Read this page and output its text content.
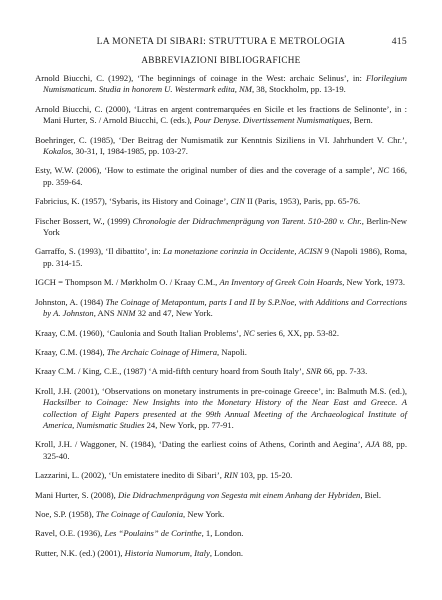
LA MONETA DI SIBARI: STRUTTURA E METROLOGIA	415
ABBREVIAZIONI BIBLIOGRAFICHE

Arnold Biucchi, C. (1992), ‘The beginnings of coinage in the West: archaic Selinus’, in: Florilegium Numismaticum. Studia in honorem U. Westermark edita, NM, 38, Stockholm, pp. 13-19.

Arnold Biucchi, C. (2000), ‘Litras en argent contremarquées en Sicile et les fractions de Selinonte’, in : Mani Hurter, S. / Arnold Biucchi, C. (eds.), Pour Denyse. Divertissement Numismatiques, Bern.

Boehringer, C. (1985), ‘Der Beitrag der Numismatik zur Kenntnis Siziliens in VI. Jahrhundert V. Chr.’, Kokalos, 30-31, I, 1984-1985, pp. 103-27.

Esty, W.W. (2006), ‘How to estimate the original number of dies and the coverage of a sample’, NC 166, pp. 359-64.

Fabricius, K. (1957), ‘Sybaris, its History and Coinage’, CIN II (Paris, 1953), Paris, pp. 65-76.

Fischer Bossert, W., (1999) Chronologie der Didrachmenprägung von Tarent. 510-280 v. Chr., Berlin-New York

Garraffo, S. (1993), ‘Il dibattito’, in: La monetazione corinzia in Occidente, ACISN 9 (Napoli 1986), Roma, pp. 314-15.

IGCH = Thompson M. / Mørkholm O. / Kraay C.M., An Inventory of Greek Coin Hoards, New York, 1973.

Johnston, A. (1984) The Coinage of Metapontum, parts I and II by S.P.Noe, with Additions and Corrections by A. Johnston, ANS NNM 32 and 47, New York.

Kraay, C.M. (1960), ‘Caulonia and South Italian Problems’, NC series 6, XX, pp. 53-82.

Kraay, C.M. (1984), The Archaic Coinage of Himera, Napoli.

Kraay C.M. / King, C.E., (1987) ‘A mid-fifth century hoard from South Italy’, SNR 66, pp. 7-33.

Kroll, J.H. (2001), ‘Observations on monetary instruments in pre-coinage Greece’, in: Balmuth M.S. (ed.), Hacksilber to Coinage: New Insights into the Monetary History of the Near East and Greece. A collection of Eight Papers presented at the 99th Annual Meeting of the Archaeological Institute of America, Numismatic Studies 24, New York, pp. 77-91.

Kroll, J.H. / Waggoner, N. (1984), ‘Dating the earliest coins of Athens, Corinth and Aegina’, AJA 88, pp. 325-40.

Lazzarini, L. (2002), ‘Un emistatere inedito di Sibari’, RIN 103, pp. 15-20.

Mani Hurter, S. (2008), Die Didrachmenprägung von Segesta mit einem Anhang der Hybriden, Biel.

Noe, S.P. (1958), The Coinage of Caulonia, New York.

Ravel, O.E. (1936), Les “Poulains” de Corinthe, 1, London.

Rutter, N.K. (ed.) (2001), Historia Numorum, Italy, London.
